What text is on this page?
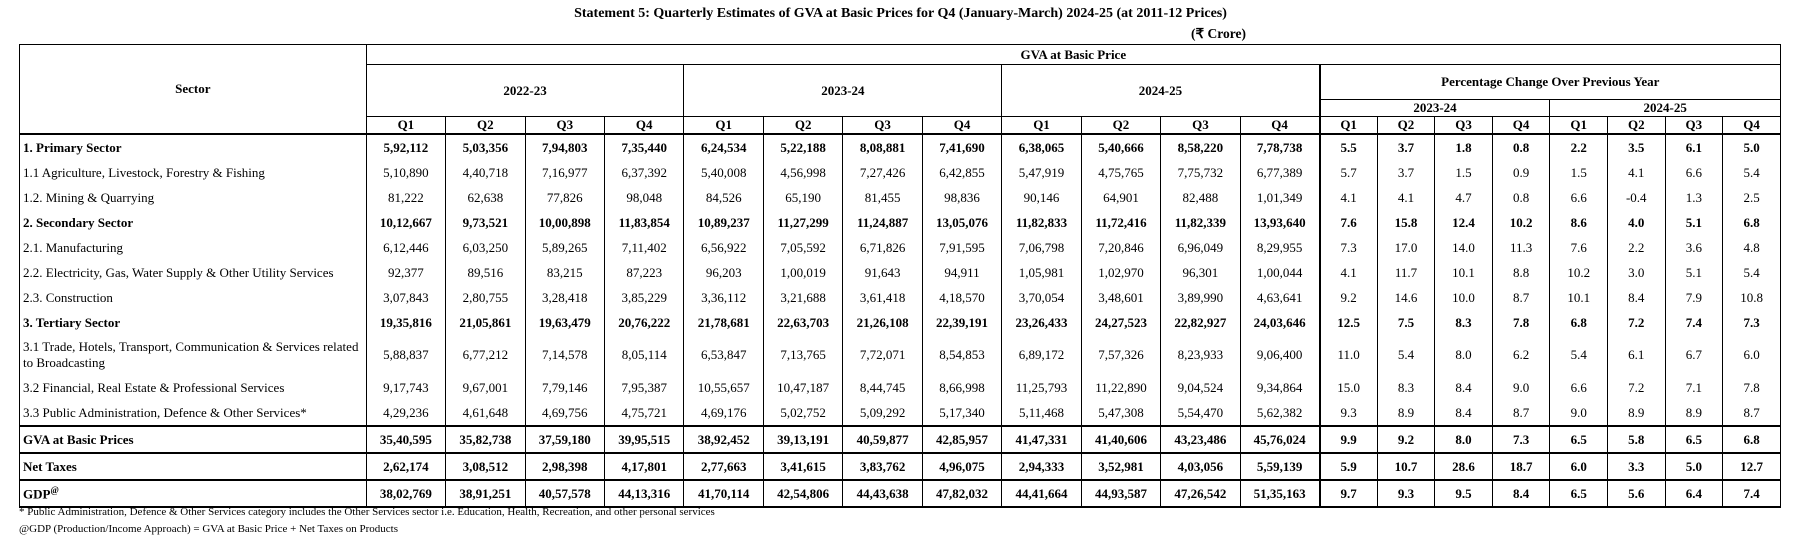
Statement 5: Quarterly Estimates of GVA at Basic Prices for Q4 (January-March) 2024-25 (at 2011-12 Prices)
(₹ Crore)
Sector	GVA at Basic Price																			
	2022-23				2023-24				2024-25				Percentage Change Over Previous Year							
													2023-24				2024-25			
	Q1	Q2	Q3	Q4	Q1	Q2	Q3	Q4	Q1	Q2	Q3	Q4	Q1	Q2	Q3	Q4	Q1	Q2	Q3	Q4
1. Primary Sector	5,92,112	5,03,356	7,94,803	7,35,440	6,24,534	5,22,188	8,08,881	7,41,690	6,38,065	5,40,666	8,58,220	7,78,738	5.5	3.7	1.8	0.8	2.2	3.5	6.1	5.0
1.1 Agriculture, Livestock, Forestry & Fishing	5,10,890	4,40,718	7,16,977	6,37,392	5,40,008	4,56,998	7,27,426	6,42,855	5,47,919	4,75,765	7,75,732	6,77,389	5.7	3.7	1.5	0.9	1.5	4.1	6.6	5.4
1.2. Mining & Quarrying	81,222	62,638	77,826	98,048	84,526	65,190	81,455	98,836	90,146	64,901	82,488	1,01,349	4.1	4.1	4.7	0.8	6.6	-0.4	1.3	2.5
2. Secondary Sector	10,12,667	9,73,521	10,00,898	11,83,854	10,89,237	11,27,299	11,24,887	13,05,076	11,82,833	11,72,416	11,82,339	13,93,640	7.6	15.8	12.4	10.2	8.6	4.0	5.1	6.8
2.1. Manufacturing	6,12,446	6,03,250	5,89,265	7,11,402	6,56,922	7,05,592	6,71,826	7,91,595	7,06,798	7,20,846	6,96,049	8,29,955	7.3	17.0	14.0	11.3	7.6	2.2	3.6	4.8
2.2. Electricity, Gas, Water Supply & Other Utility Services	92,377	89,516	83,215	87,223	96,203	1,00,019	91,643	94,911	1,05,981	1,02,970	96,301	1,00,044	4.1	11.7	10.1	8.8	10.2	3.0	5.1	5.4
2.3. Construction	3,07,843	2,80,755	3,28,418	3,85,229	3,36,112	3,21,688	3,61,418	4,18,570	3,70,054	3,48,601	3,89,990	4,63,641	9.2	14.6	10.0	8.7	10.1	8.4	7.9	10.8
3. Tertiary Sector	19,35,816	21,05,861	19,63,479	20,76,222	21,78,681	22,63,703	21,26,108	22,39,191	23,26,433	24,27,523	22,82,927	24,03,646	12.5	7.5	8.3	7.8	6.8	7.2	7.4	7.3
3.1 Trade, Hotels, Transport, Communication & Services related to Broadcasting	5,88,837	6,77,212	7,14,578	8,05,114	6,53,847	7,13,765	7,72,071	8,54,853	6,89,172	7,57,326	8,23,933	9,06,400	11.0	5.4	8.0	6.2	5.4	6.1	6.7	6.0
3.2 Financial, Real Estate & Professional Services	9,17,743	9,67,001	7,79,146	7,95,387	10,55,657	10,47,187	8,44,745	8,66,998	11,25,793	11,22,890	9,04,524	9,34,864	15.0	8.3	8.4	9.0	6.6	7.2	7.1	7.8
3.3 Public Administration, Defence & Other Services*	4,29,236	4,61,648	4,69,756	4,75,721	4,69,176	5,02,752	5,09,292	5,17,340	5,11,468	5,47,308	5,54,470	5,62,382	9.3	8.9	8.4	8.7	9.0	8.9	8.9	8.7
GVA at Basic Prices	35,40,595	35,82,738	37,59,180	39,95,515	38,92,452	39,13,191	40,59,877	42,85,957	41,47,331	41,40,606	43,23,486	45,76,024	9.9	9.2	8.0	7.3	6.5	5.8	6.5	6.8
Net Taxes	2,62,174	3,08,512	2,98,398	4,17,801	2,77,663	3,41,615	3,83,762	4,96,075	2,94,333	3,52,981	4,03,056	5,59,139	5.9	10.7	28.6	18.7	6.0	3.3	5.0	12.7
GDP@	38,02,769	38,91,251	40,57,578	44,13,316	41,70,114	42,54,806	44,43,638	47,82,032	44,41,664	44,93,587	47,26,542	51,35,163	9.7	9.3	9.5	8.4	6.5	5.6	6.4	7.4
* Public Administration, Defence & Other Services category includes the Other Services sector i.e. Education, Health, Recreation, and other personal services
@GDP (Production/Income Approach) = GVA at Basic Price + Net Taxes on Products
